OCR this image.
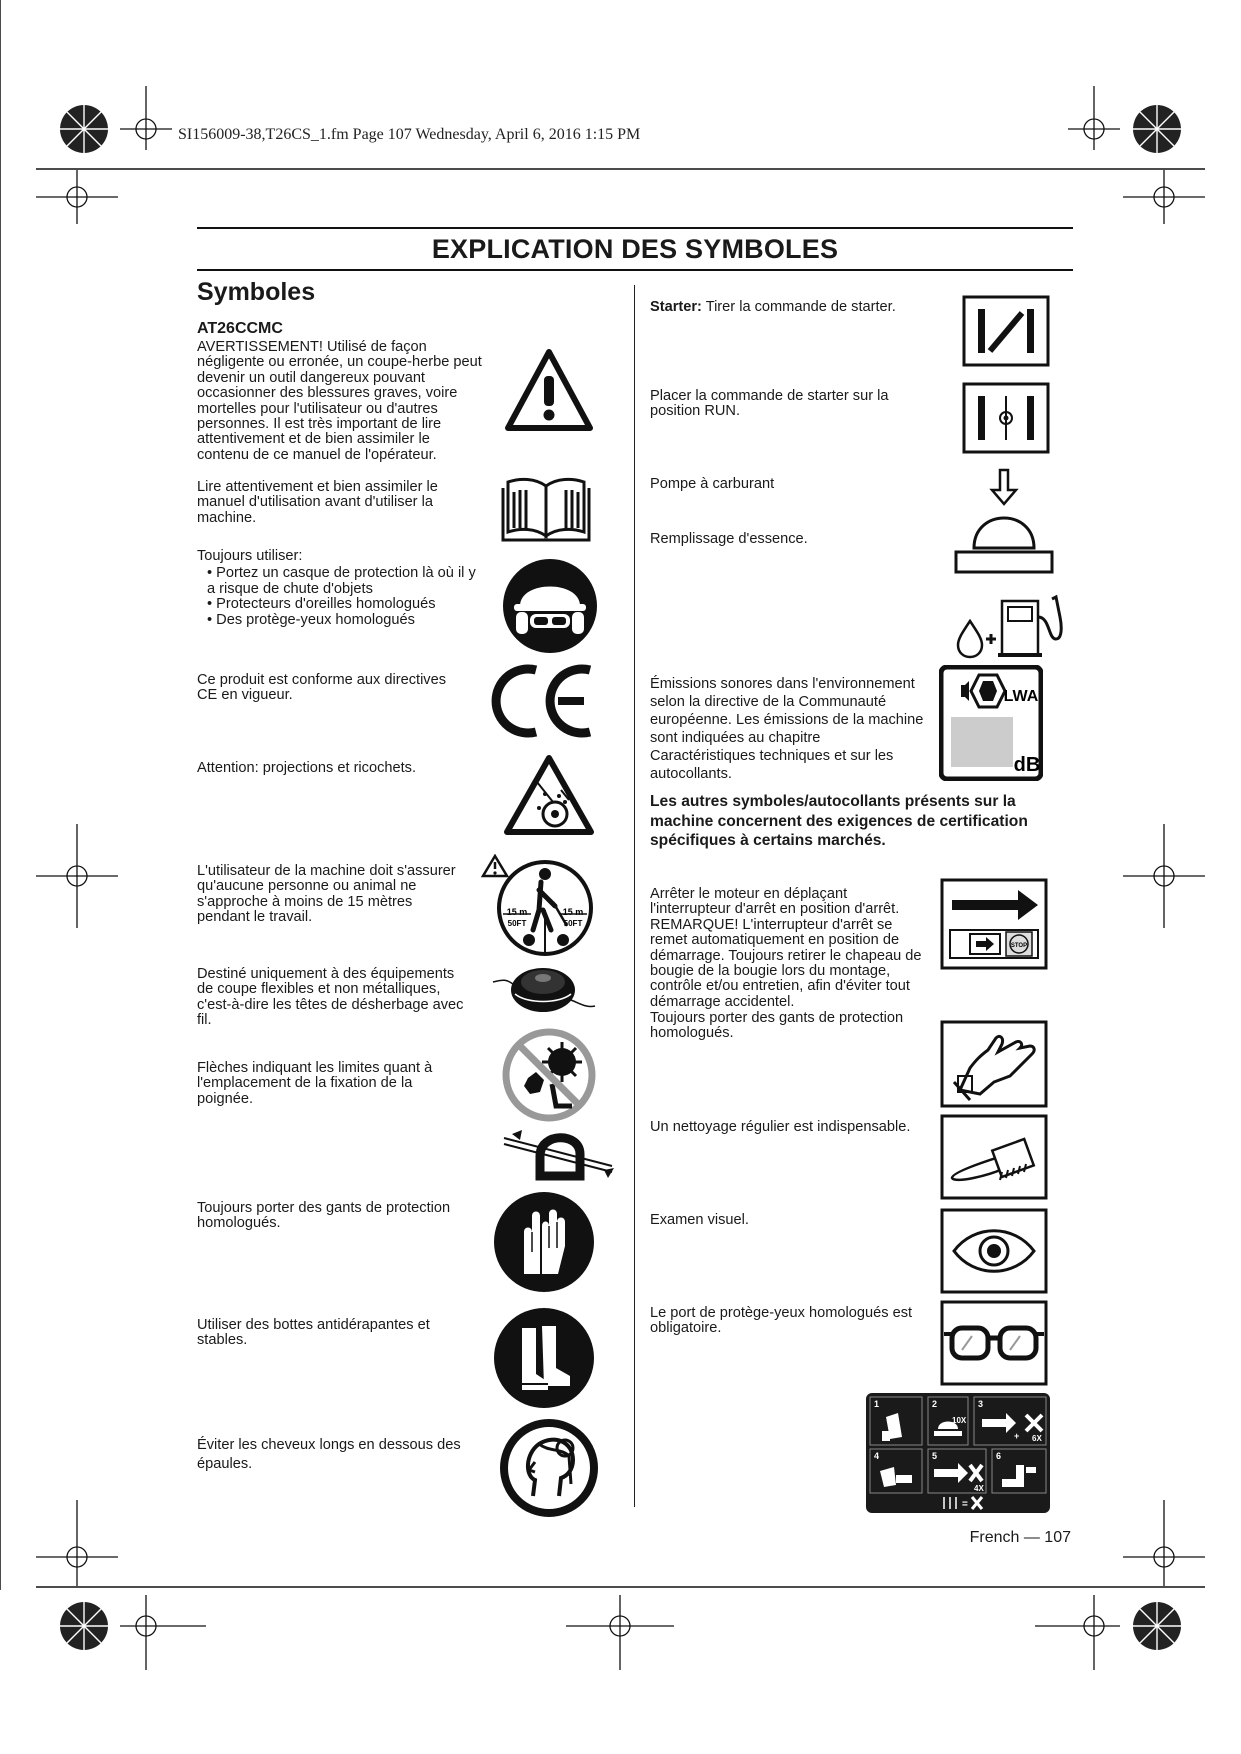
SI156009-38,T26CS_1.fm Page 107 Wednesday, April 6, 2016 1:15 PM
EXPLICATION DES SYMBOLES
Symboles
AT26CCMC
AVERTISSEMENT! Utilisé de façon négligente ou erronée, un coupe-herbe peut devenir un outil dangereux pouvant occasionner des blessures graves, voire mortelles pour l'utilisateur ou d'autres personnes. Il est très important de lire attentivement et de bien assimiler le contenu de ce manuel de l'opérateur.
Lire attentivement et bien assimiler le manuel d'utilisation avant d'utiliser la machine.

Toujours utiliser:

• Portez un casque de protection là où il y a risque de chute d'objets
• Protecteurs d'oreilles homologués
• Des protège-yeux homologués
Ce produit est conforme aux directives CE en vigueur.
Attention: projections et ricochets.
L'utilisateur de la machine doit s'assurer qu'aucune personne ou animal ne s'approche à moins de 15 mètres pendant le travail.
Destiné uniquement à des équipements de coupe flexibles et non métalliques, c'est-à-dire les têtes de désherbage avec fil.
Flèches indiquant les limites quant à l'emplacement de la fixation de la poignée.
Toujours porter des gants de protection homologués.
Utiliser des bottes antidérapantes et stables.
Éviter les cheveux longs en dessous des épaules.
15 m
50FT
15 m
50FT
Starter: Tirer la commande de starter.
Placer la commande de starter sur la position RUN.
Pompe à carburant
Remplissage d'essence.
Émissions sonores dans l'environnement selon la directive de la Communauté européenne. Les émissions de la machine sont indiquées au chapitre Caractéristiques techniques et sur les autocollants.
Les autres symboles/autocollants présents sur la machine concernent des exigences de certification spécifiques à certains marchés.
Arrêter le moteur en déplaçant l'interrupteur d'arrêt en position d'arrêt. REMARQUE! L'interrupteur d'arrêt se remet automatiquement en position de démarrage. Toujours retirer le chapeau de bougie de la bougie lors du montage, contrôle et/ou entretien, afin d'éviter tout démarrage accidentel.
Toujours porter des gants de protection homologués.
Un nettoyage régulier est indispensable.
Examen visuel.
Le port de protège-yeux homologués est obligatoire.
LWA
dB
STOP
1	2	3
4	5	6
+
=
10X
6X
4X
French — 107
